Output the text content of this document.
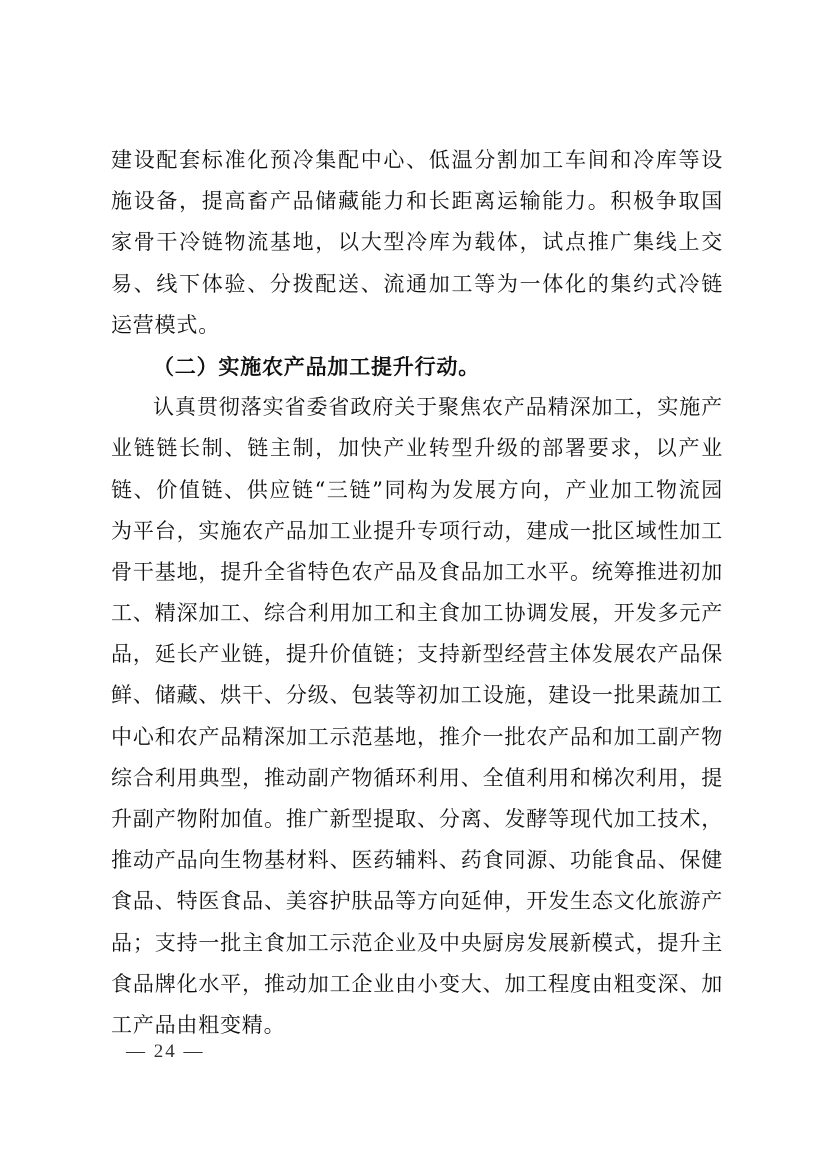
建设配套标准化预冷集配中心、低温分割加工车间和冷库等设
施设备，提高畜产品储藏能力和长距离运输能力。积极争取国
家骨干冷链物流基地，以大型冷库为载体，试点推广集线上交
易、线下体验、分拨配送、流通加工等为一体化的集约式冷链
运营模式。
（二）实施农产品加工提升行动。
认真贯彻落实省委省政府关于聚焦农产品精深加工，实施产
业链链长制、链主制，加快产业转型升级的部署要求，以产业
链、价值链、供应链“三链”同构为发展方向，产业加工物流园
为平台，实施农产品加工业提升专项行动，建成一批区域性加工
骨干基地，提升全省特色农产品及食品加工水平。统筹推进初加
工、精深加工、综合利用加工和主食加工协调发展，开发多元产
品，延长产业链，提升价值链；支持新型经营主体发展农产品保
鲜、储藏、烘干、分级、包装等初加工设施，建设一批果蔬加工
中心和农产品精深加工示范基地，推介一批农产品和加工副产物
综合利用典型，推动副产物循环利用、全值利用和梯次利用，提
升副产物附加值。推广新型提取、分离、发酵等现代加工技术，
推动产品向生物基材料、医药辅料、药食同源、功能食品、保健
食品、特医食品、美容护肤品等方向延伸，开发生态文化旅游产
品；支持一批主食加工示范企业及中央厨房发展新模式，提升主
食品牌化水平，推动加工企业由小变大、加工程度由粗变深、加
工产品由粗变精。
— 24 —
